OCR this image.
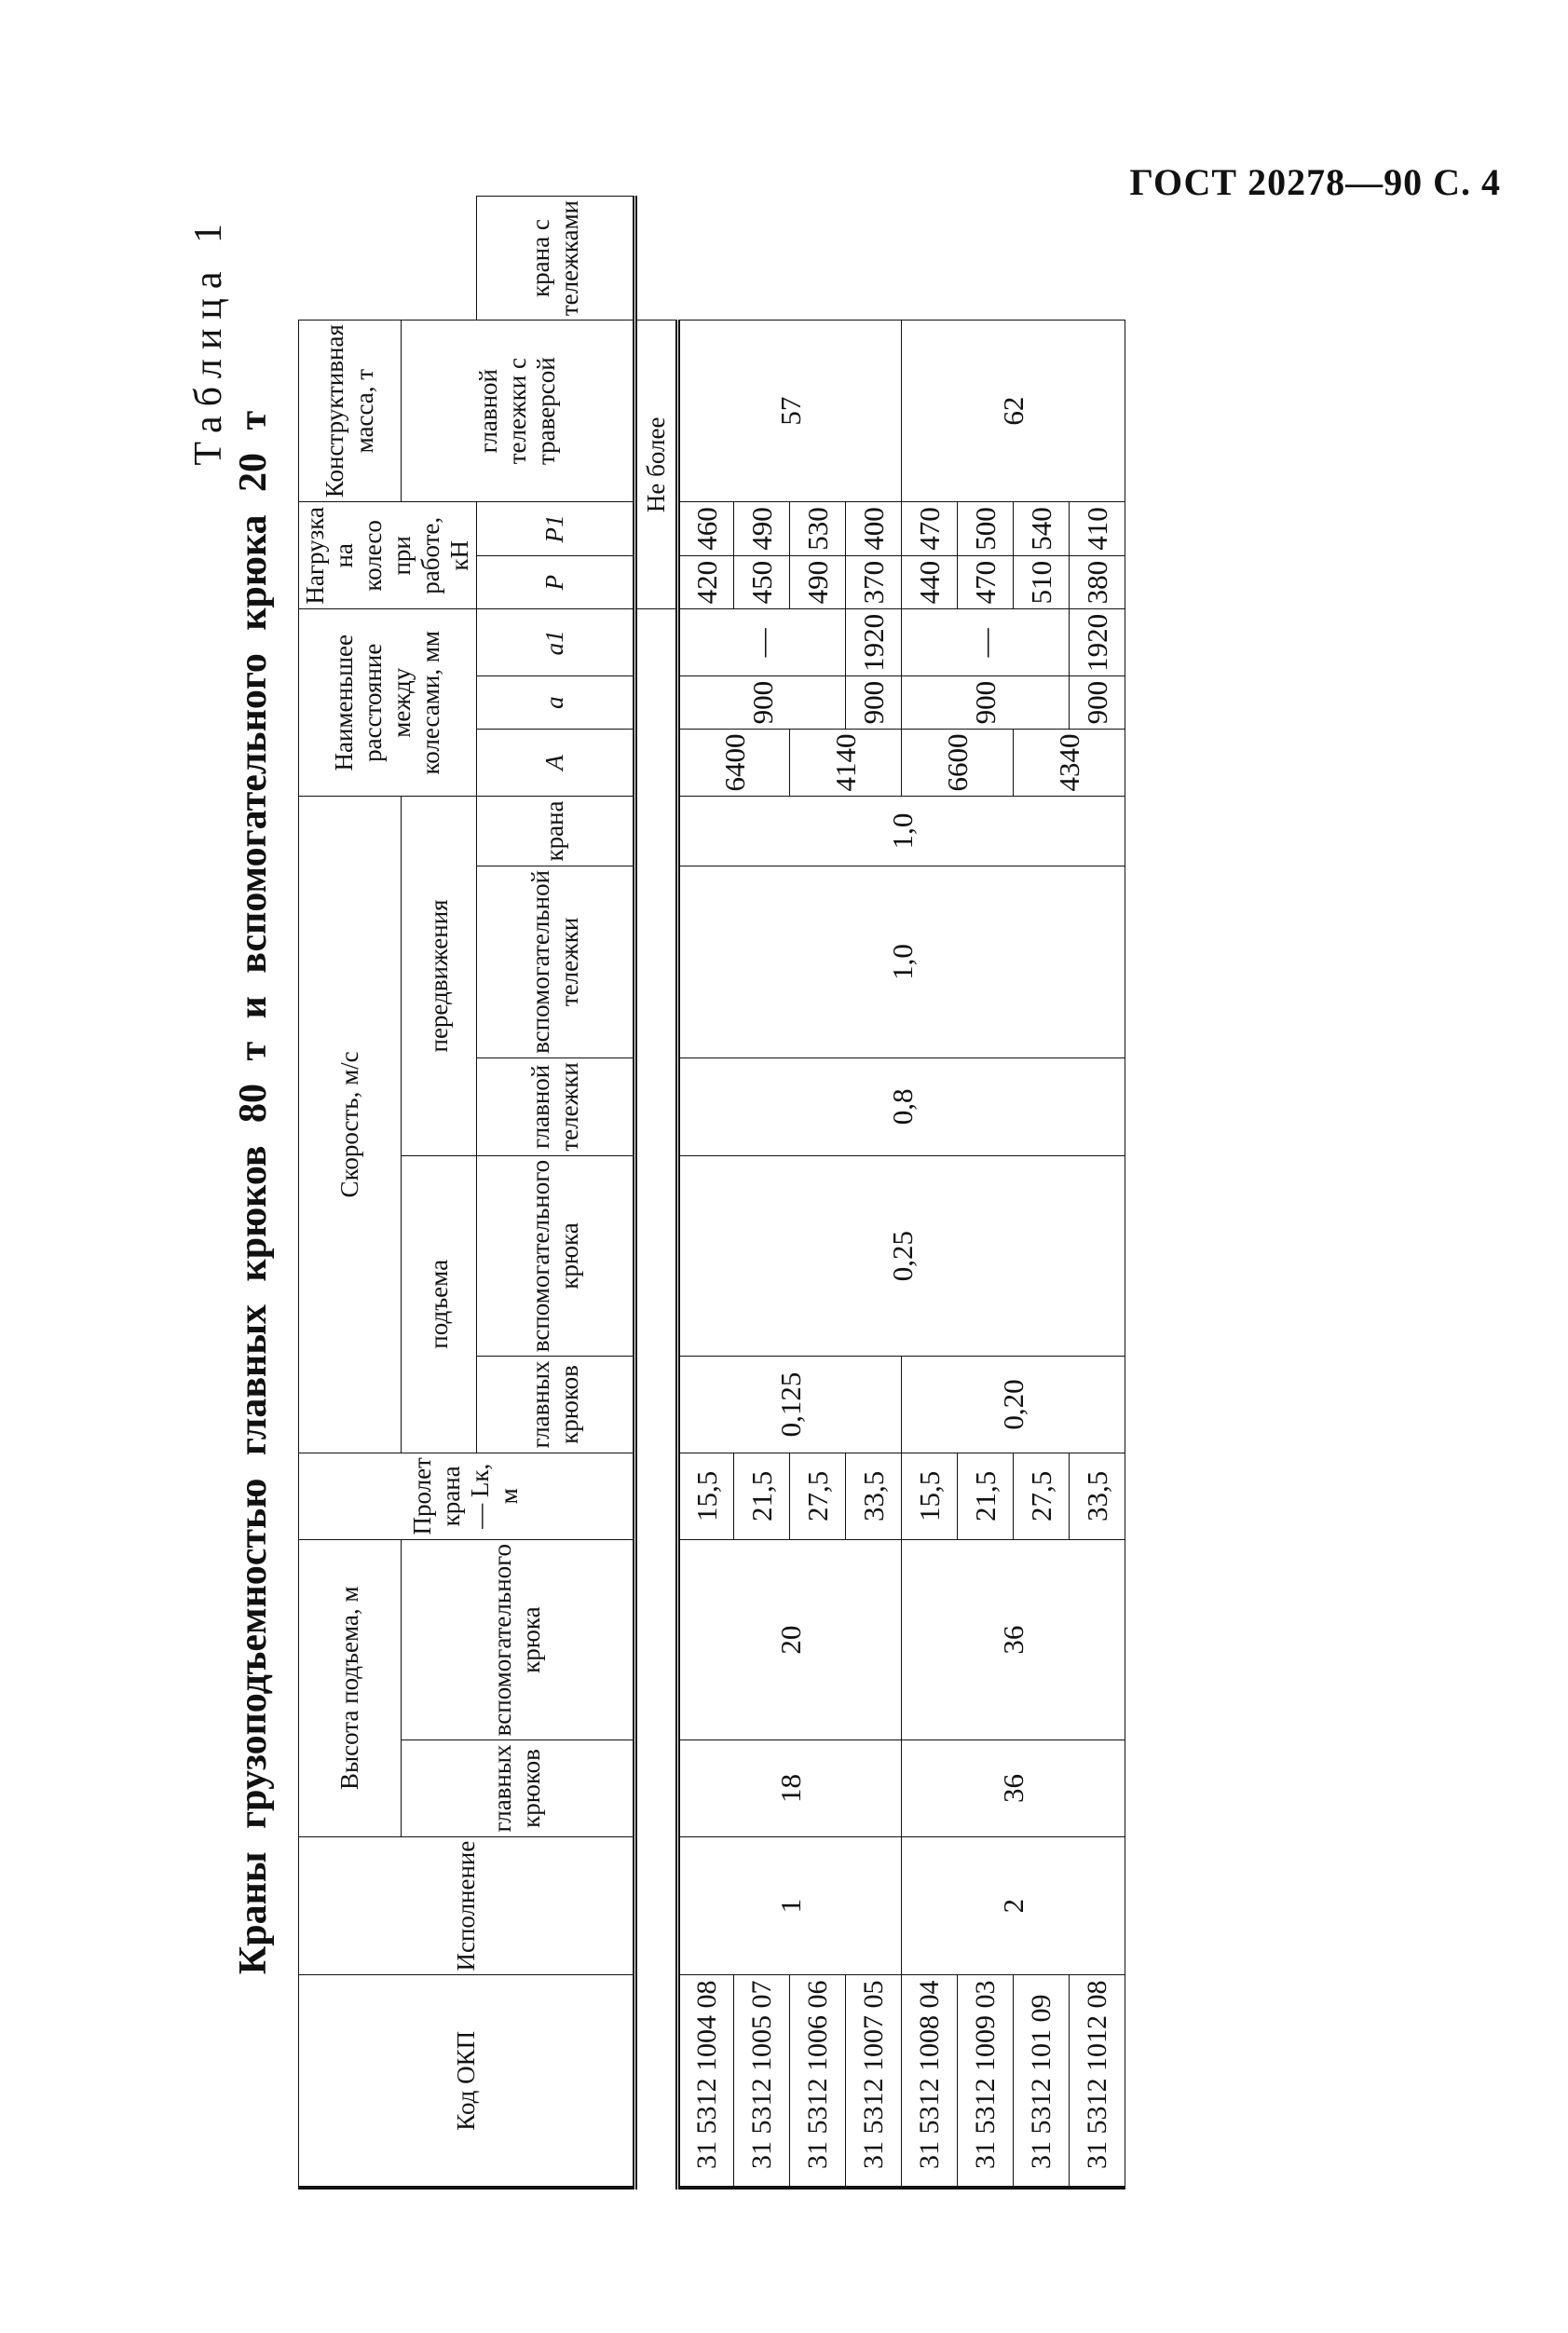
ГОСТ 20278—90 С. 4
Таблица 1
Краны грузоподъемностью главных крюков 80 т и вспомогательного крюка 20 т
Код ОКП	Исполнение	Высота подъема, м		Пролет крана — Lк, м	Скорость, м/с					Наименьшее расстояние между колесами, мм			Нагрузка на колесо при работе, кН		Конструктивная масса, т	
		главных крюков	вспомогательного крюка		подъема		передвижения								главной тележки с траверсой	
					главных крюков	вспомогательного крюка	главной тележки	вспомогательной тележки	крана	A	a	a1	P	P1		крана с тележками
													Не более			
31 5312 1004 08	1	18	20	15,5	0,125	0,25	0,8	1,0	1,0	6400	900	—	420	460	57	
31 5312 1005 07				21,5									450	490		
31 5312 1006 06				27,5						4140			490	530		
31 5312 1007 05				33,5							900	1920	370	400		
31 5312 1008 04	2	36	36	15,5	0,20					6600	900	—	440	470	62	
31 5312 1009 03				21,5									470	500		
31 5312 101 09				27,5						4340			510	540		
31 5312 1012 08				33,5							900	1920	380	410		
